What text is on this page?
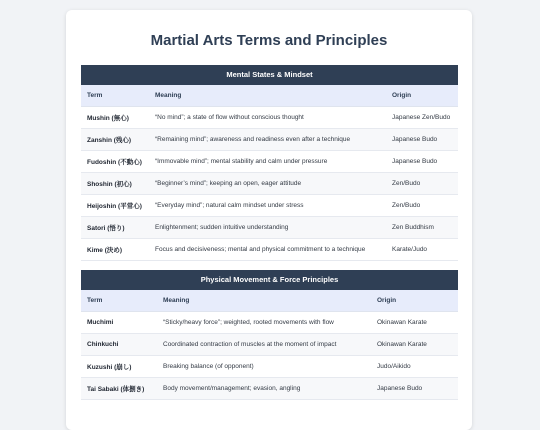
Martial Arts Terms and Principles
Mental States & Mindset
Term	Meaning	Origin
Mushin (無心)	“No mind”; a state of flow without conscious thought	Japanese Zen/Budo
Zanshin (残心)	“Remaining mind”; awareness and readiness even after a technique	Japanese Budo
Fudoshin (不動心)	“Immovable mind”; mental stability and calm under pressure	Japanese Budo
Shoshin (初心)	“Beginner’s mind”; keeping an open, eager attitude	Zen/Budo
Heijoshin (平常心)	“Everyday mind”; natural calm mindset under stress	Zen/Budo
Satori (悟り)	Enlightenment; sudden intuitive understanding	Zen Buddhism
Kime (決め)	Focus and decisiveness; mental and physical commitment to a technique	Karate/Judo
Physical Movement & Force Principles
Term	Meaning	Origin
Muchimi	“Sticky/heavy force”; weighted, rooted movements with flow	Okinawan Karate
Chinkuchi	Coordinated contraction of muscles at the moment of impact	Okinawan Karate
Kuzushi (崩し)	Breaking balance (of opponent)	Judo/Aikido
Tai Sabaki (体捌き)	Body movement/management; evasion, angling	Japanese Budo
